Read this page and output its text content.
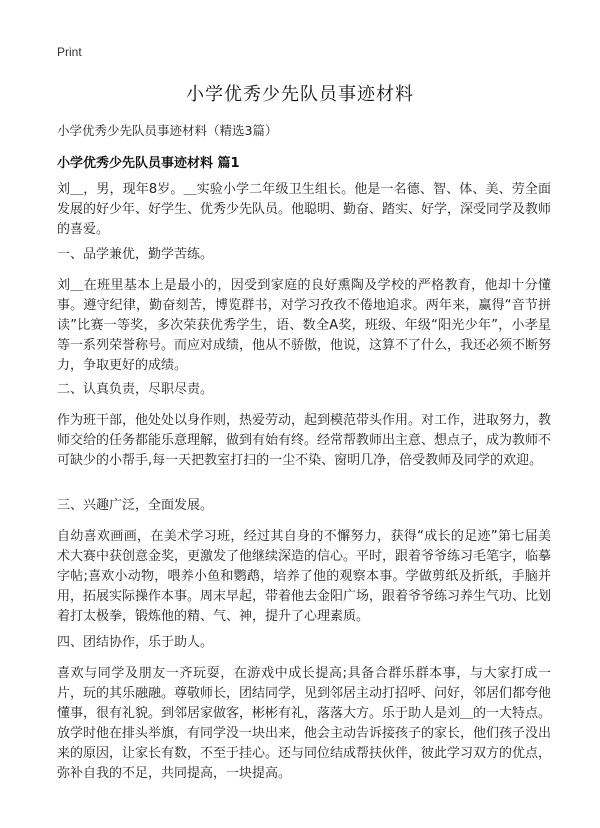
Print
小学优秀少先队员事迹材料
小学优秀少先队员事迹材料（精选3篇）
小学优秀少先队员事迹材料 篇1

刘＿，男，现年8岁。＿实验小学二年级卫生组长。他是一名德、智、体、美、劳全面发展的好少年、好学生、优秀少先队员。他聪明、勤奋、踏实、好学，深受同学及教师的喜爱。

一、品学兼优，勤学苦练。

刘＿在班里基本上是最小的，因受到家庭的良好熏陶及学校的严格教育，他却十分懂事。遵守纪律，勤奋刻苦，博览群书，对学习孜孜不倦地追求。两年来，赢得“音节拼读”比赛一等奖，多次荣获优秀学生，语、数全A奖，班级、年级“阳光少年”，小孝星等一系列荣誉称号。而应对成绩，他从不骄傲，他说，这算不了什么，我还必须不断努力，争取更好的成绩。

二、认真负责，尽职尽责。

作为班干部，他处处以身作则，热爱劳动，起到模范带头作用。对工作，进取努力，教师交给的任务都能乐意理解，做到有始有终。经常帮教师出主意、想点子，成为教师不可缺少的小帮手,每一天把教室打扫的一尘不染、窗明几净，倍受教师及同学的欢迎。

三、兴趣广泛，全面发展。

自幼喜欢画画，在美术学习班，经过其自身的不懈努力，获得“成长的足迹”第七届美术大赛中获创意金奖，更激发了他继续深造的信心。平时，跟着爷爷练习毛笔字，临摹字帖;喜欢小动物，喂养小鱼和鹦鹉，培养了他的观察本事。学做剪纸及折纸，手脑并用，拓展实际操作本事。周末早起，带着他去金阳广场，跟着爷爷练习养生气功、比划着打太极拳，锻炼他的精、气、神，提升了心理素质。

四、团结协作，乐于助人。

喜欢与同学及朋友一齐玩耍，在游戏中成长提高;具备合群乐群本事，与大家打成一片，玩的其乐融融。尊敬师长，团结同学，见到邻居主动打招呼、问好，邻居们都夸他懂事，很有礼貌。到邻居家做客，彬彬有礼，落落大方。乐于助人是刘＿的一大特点。放学时他在排头举旗，有同学没一块出来，他会主动告诉接孩子的家长，他们孩子没出来的原因，让家长有数，不至于挂心。还与同位结成帮扶伙伴，彼此学习双方的优点，弥补自我的不足，共同提高，一块提高。
